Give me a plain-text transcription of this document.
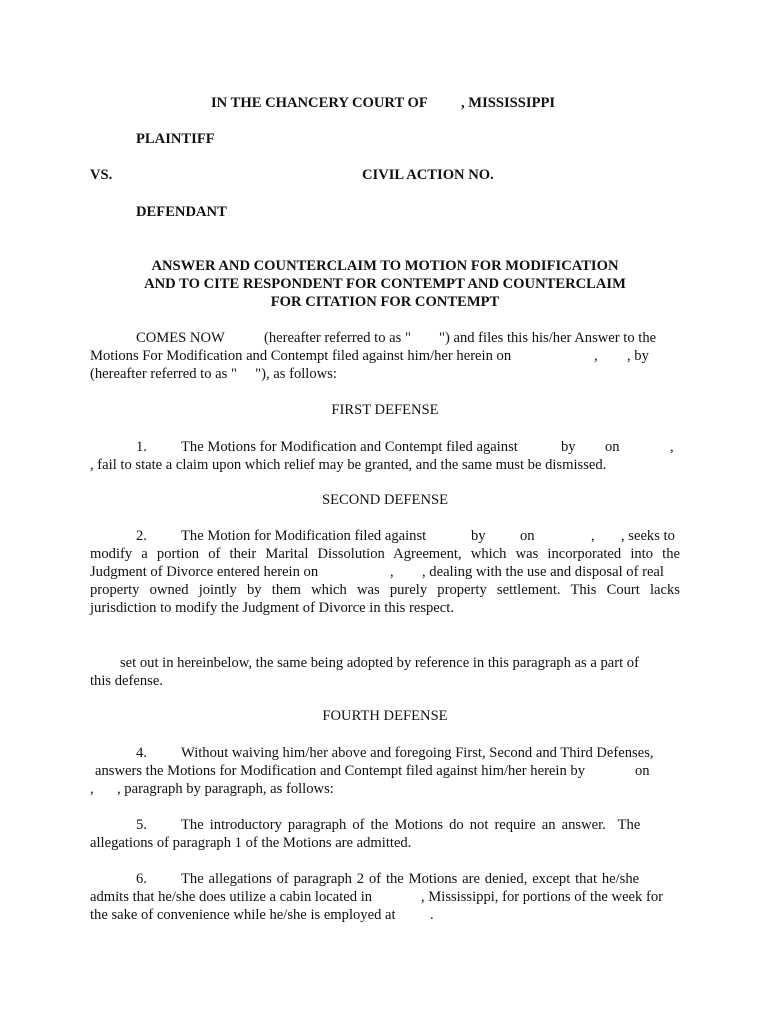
IN THE CHANCERY COURT OF , MISSISSIPPI
PLAINTIFF
VS.	CIVIL ACTION NO.
DEFENDANT
ANSWER AND COUNTERCLAIM TO MOTION FOR MODIFICATION
AND TO CITE RESPONDENT FOR CONTEMPT AND COUNTERCLAIM
FOR CITATION FOR CONTEMPT
COMES NOW	(hereafter referred to as " ") and files this his/her Answer to the
Motions For Modification and Contempt filed against him/her herein on	, , by
(hereafter referred to as "     "), as follows:
FIRST DEFENSE
1. The Motions for Modification and Contempt filed against	by on	,
, fail to state a claim upon which relief may be granted, and the same must be dismissed.
SECOND DEFENSE
2. The Motion for Modification filed against	by on	, , seeks to
modify a portion of their Marital Dissolution Agreement, which was incorporated into the
Judgment of Divorce entered herein on	, , dealing with the use and disposal of real
property owned jointly by them which was purely property settlement. This Court lacks
jurisdiction to modify the Judgment of Divorce in this respect.
set out in hereinbelow, the same being adopted by reference in this paragraph as a part of
this defense.
FOURTH DEFENSE
4. Without waiving him/her above and foregoing First, Second and Third Defenses,
answers the Motions for Modification and Contempt filed against him/her herein by	on
, , paragraph by paragraph, as follows:
5. The introductory paragraph of the Motions do not require an answer.  The
allegations of paragraph 1 of the Motions are admitted.
6. The allegations of paragraph 2 of the Motions are denied, except that he/she
admits that he/she does utilize a cabin located in	, Mississippi, for portions of the week for
the sake of convenience while he/she is employed at .
